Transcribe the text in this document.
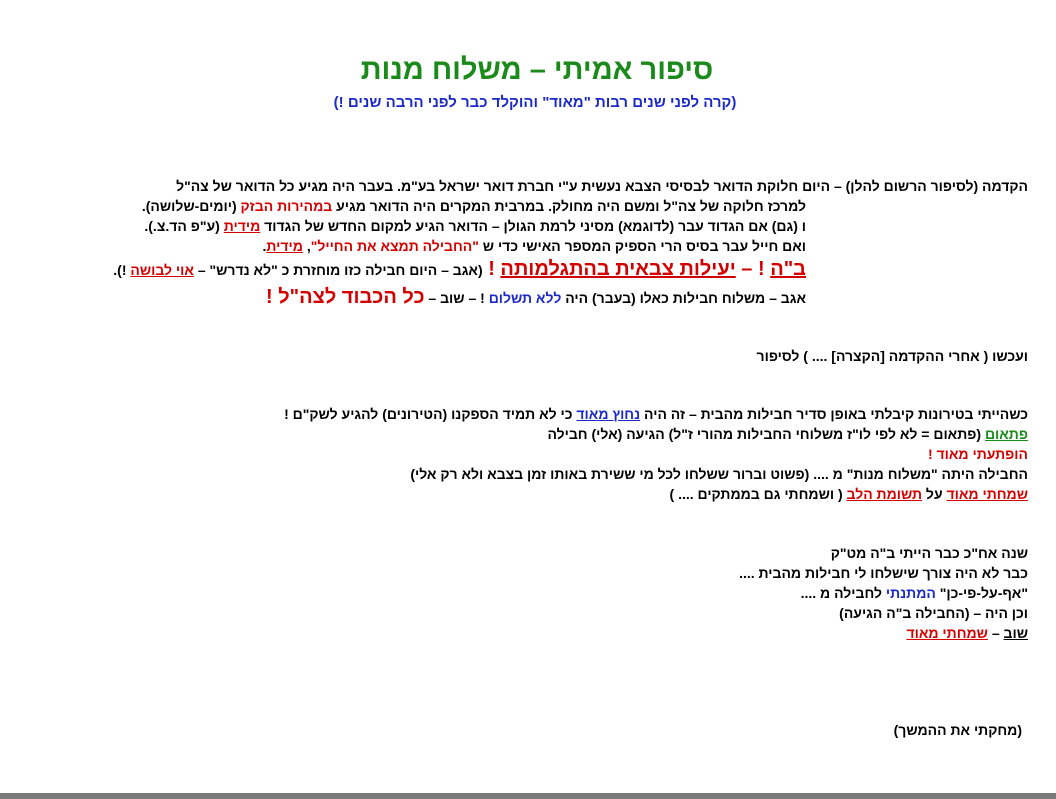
סיפור אמיתי – משלוח מנות
(קרה לפני שנים רבות "מאוד" והוקלד כבר לפני הרבה שנים !)
הקדמה (לסיפור הרשום להלן) – היום חלוקת הדואר לבסיסי הצבא נעשית ע"י חברת דואר ישראל בע"מ. בעבר היה מגיע כל הדואר של צה"ל
למרכז חלוקה של צה"ל ומשם היה מחולק. במרבית המקרים היה הדואר מגיע במהירות הבזק (יומים-שלושה).
ו (גם) אם הגדוד עבר (לדוגמא) מסיני לרמת הגולן – הדואר הגיע למקום החדש של הגדוד מידית (ע"פ הד.צ.).
ואם חייל עבר בסיס הרי הספיק המספר האישי כדי ש "החבילה תמצא את החייל", מידית.
ב"ה ! – יעילות צבאית בהתגלמותה ! (אגב – היום חבילה כזו מוחזרת כ "לא נדרש" – אוי לבושה !).
אגב – משלוח חבילות כאלו (בעבר) היה ללא תשלום ! – שוב – כל הכבוד לצה"ל !
ועכשו ( אחרי ההקדמה [הקצרה] .... ) לסיפור
כשהייתי בטירונות קיבלתי באופן סדיר חבילות מהבית – זה היה נחוץ מאוד כי לא תמיד הספקנו (הטירונים) להגיע לשק"ם !
פתאום (פתאום = לא לפי לו"ז משלוחי החבילות מהורי ז"ל) הגיעה (אלי) חבילה
הופתעתי מאוד !
החבילה היתה "משלוח מנות" מ .... (פשוט וברור ששלחו לכל מי ששירת באותו זמן בצבא ולא רק אלי)
שמחתי מאוד על תשומת הלב ( ושמחתי גם בממתקים .... )
שנה אח"כ כבר הייתי ב"ה מט"ק
כבר לא היה צורך שישלחו לי חבילות מהבית ....
"אף-על-פי-כן" המתנתי לחבילה מ ....
וכן היה – (החבילה ב"ה הגיעה)
שוב – שמחתי מאוד
(מחקתי את ההמשך)
